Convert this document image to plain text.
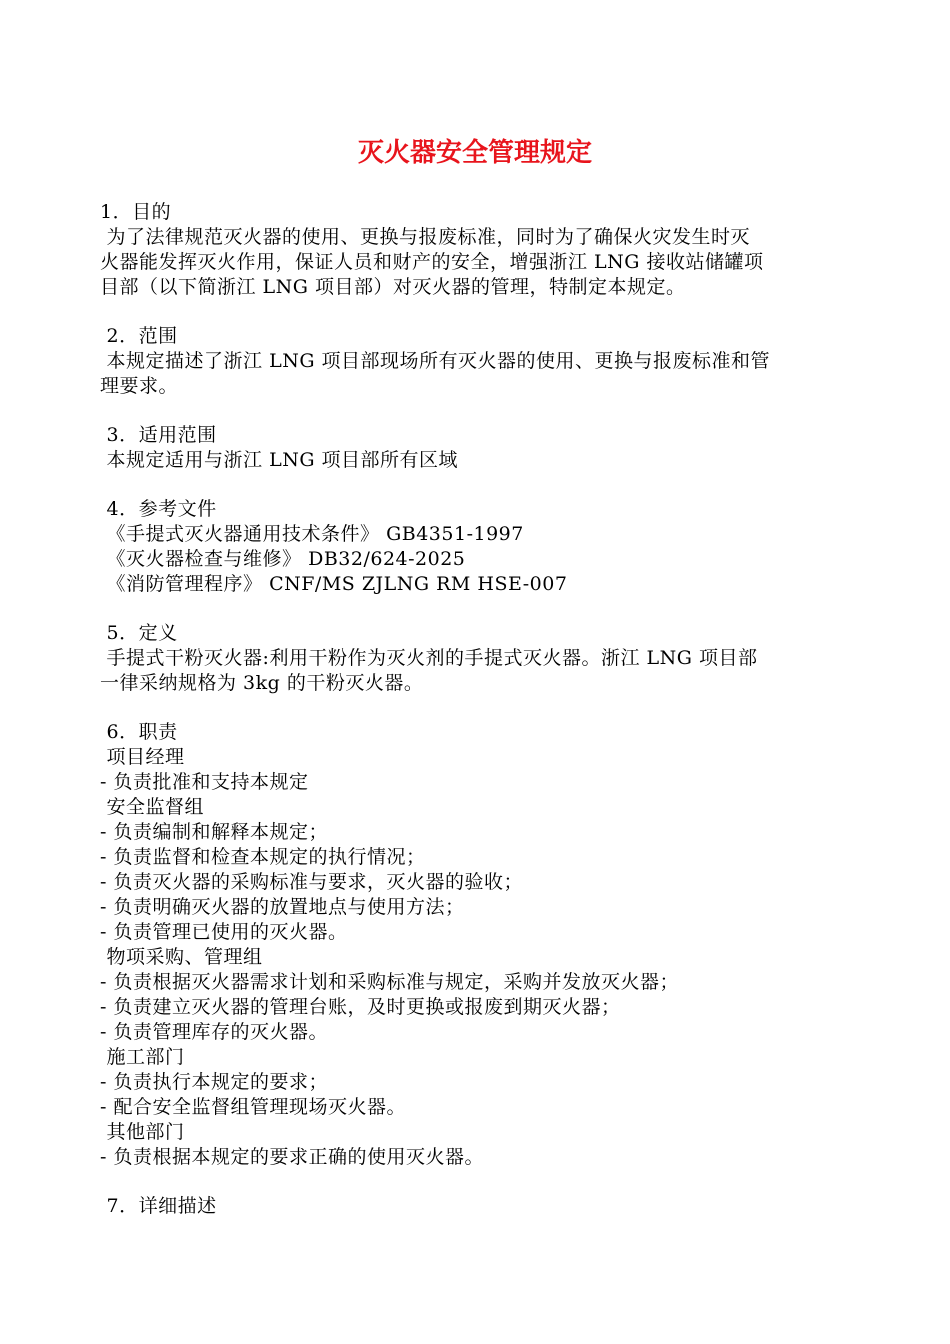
灭火器安全管理规定
1．目的
为了法律规范灭火器的使用、更换与报废标准，同时为了确保火灾发生时灭
火器能发挥灭火作用，保证人员和财产的安全，增强浙江 LNG 接收站储罐项
目部（以下简浙江 LNG 项目部）对灭火器的管理，特制定本规定。
2．范围
本规定描述了浙江 LNG 项目部现场所有灭火器的使用、更换与报废标准和管
理要求。
3．适用范围
本规定适用与浙江 LNG 项目部所有区域
4．参考文件
《手提式灭火器通用技术条件》 GB4351-1997
《灭火器检查与维修》 DB32/624-2025
《消防管理程序》 CNF/MS ZJLNG RM HSE-007
5．定义
手提式干粉灭火器:利用干粉作为灭火剂的手提式灭火器。浙江 LNG 项目部
一律采纳规格为 3kg 的干粉灭火器。
6．职责
项目经理
- 负责批准和支持本规定
安全监督组
- 负责编制和解释本规定；
- 负责监督和检查本规定的执行情况；
- 负责灭火器的采购标准与要求，灭火器的验收；
- 负责明确灭火器的放置地点与使用方法；
- 负责管理已使用的灭火器。
物项采购、管理组
- 负责根据灭火器需求计划和采购标准与规定，采购并发放灭火器；
- 负责建立灭火器的管理台账，及时更换或报废到期灭火器；
- 负责管理库存的灭火器。
施工部门
- 负责执行本规定的要求；
- 配合安全监督组管理现场灭火器。
其他部门
- 负责根据本规定的要求正确的使用灭火器。
7．详细描述
